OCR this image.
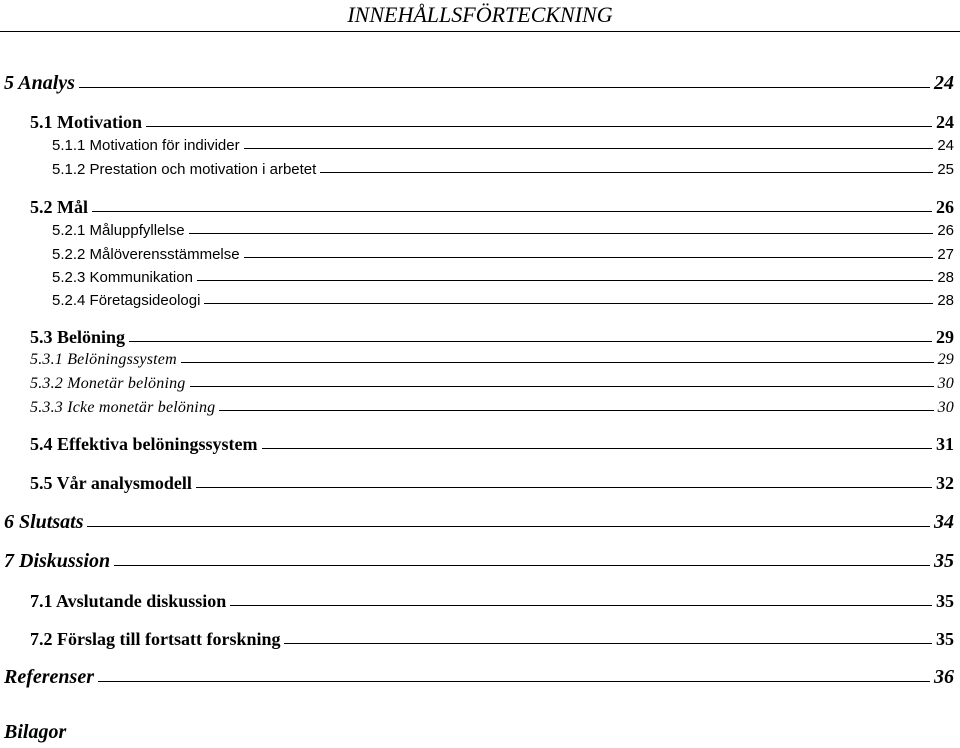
INNEHÅLLSFÖRTECKNING
5 Analys	24
5.1 Motivation	24
5.1.1 Motivation för individer	24
5.1.2 Prestation och motivation i arbetet	25
5.2 Mål	26
5.2.1 Måluppfyllelse	26
5.2.2 Målöverensstämmelse	27
5.2.3 Kommunikation	28
5.2.4 Företagsideologi	28
5.3 Belöning	29
5.3.1 Belöningssystem	29
5.3.2 Monetär belöning	30
5.3.3 Icke monetär belöning	30
5.4 Effektiva belöningssystem	31
5.5 Vår analysmodell	32
6 Slutsats	34
7 Diskussion	35
7.1 Avslutande diskussion	35
7.2 Förslag till fortsatt forskning	35
Referenser	36
Bilagor
